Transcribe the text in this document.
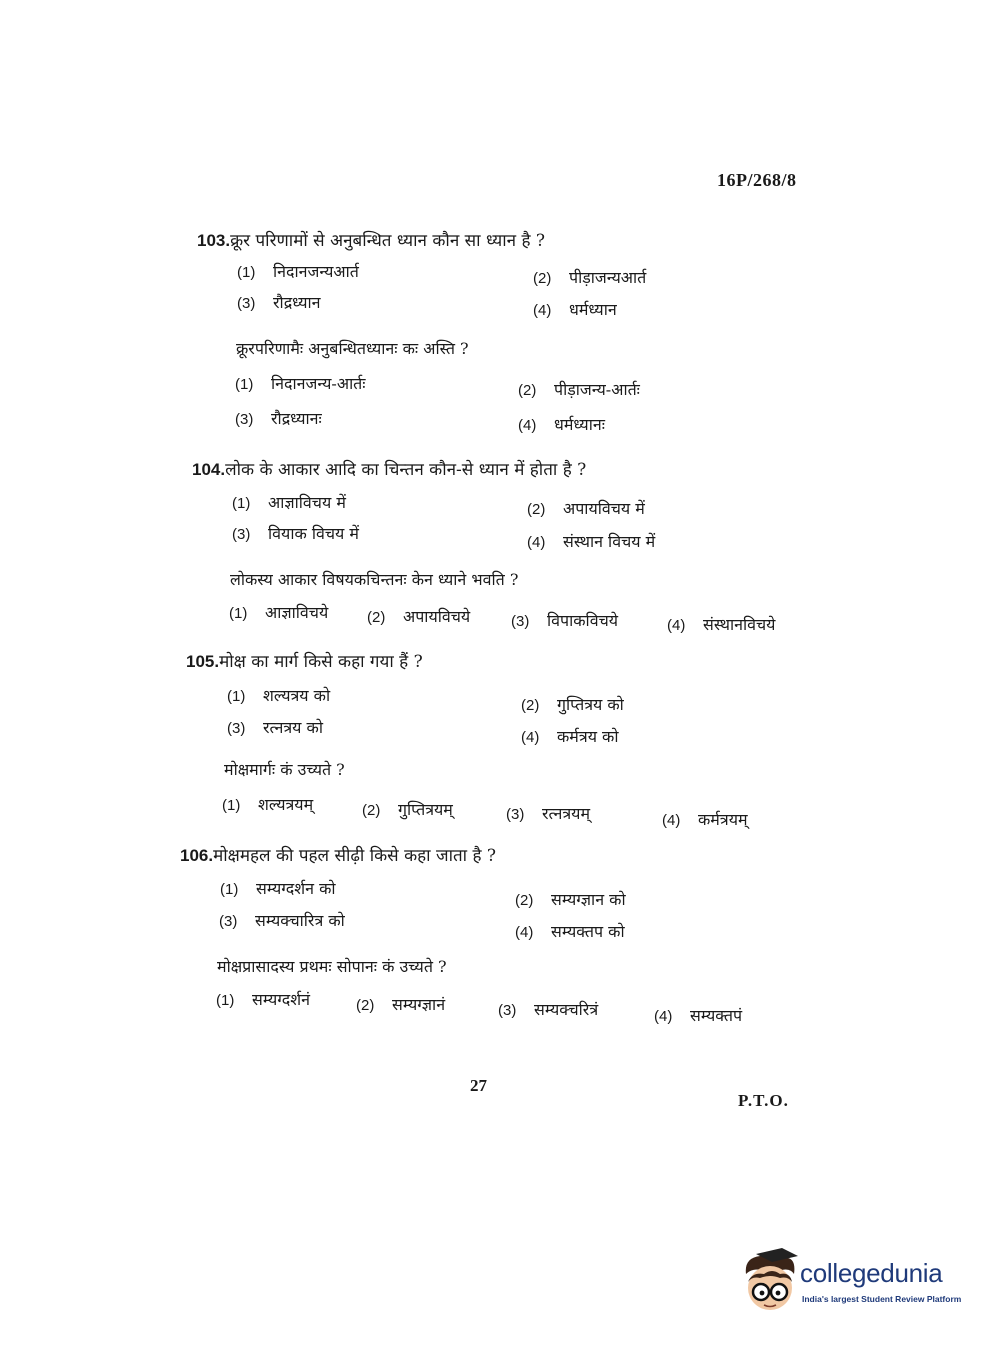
16P/268/8
103.क्रूर परिणामों से अनुबन्धित ध्यान कौन सा ध्यान है ?
(1) निदानजन्यआर्त	(2) पीड़ाजन्यआर्त
(3) रौद्रध्यान	(4) धर्मध्यान
क्रूरपरिणामैः अनुबन्धितध्यानः कः अस्ति ?
(1) निदानजन्य-आर्तः	(2) पीड़ाजन्य-आर्तः
(3) रौद्रध्यानः	(4) धर्मध्यानः
104.लोक के आकार आदि का चिन्तन कौन-से ध्यान में होता है ?
(1) आज्ञाविचय में	(2) अपायविचय में
(3) वियाक विचय में	(4) संस्थान विचय में
लोकस्य आकार विषयकचिन्तनः केन ध्याने भवति ?
(1) आज्ञाविचये	(2) अपायविचये	(3) विपाकविचये	(4) संस्थानविचये
105.मोक्ष का मार्ग किसे कहा गया हैं ?
(1) शल्यत्रय को
(2) गुप्तित्रय को
(3) रत्नत्रय को
(4) कर्मत्रय को
मोक्षमार्गः कं उच्यते ?
(1) शल्यत्रयम्	(2) गुप्तित्रयम्	(3) रत्नत्रयम्	(4) कर्मत्रयम्
106.मोक्षमहल की पहल सीढ़ी किसे कहा जाता है ?
(1) सम्यग्दर्शन को
(2) सम्यग्ज्ञान को
(3) सम्यक्चारित्र को
(4) सम्यक्तप को
मोक्षप्रासादस्य प्रथमः सोपानः कं उच्यते ?
(1) सम्यग्दर्शनं	(2) सम्यग्ज्ञानं	(3) सम्यक्चरित्रं	(4) सम्यक्तपं
27
P.T.O.
collegedunia
India's largest Student Review Platform
